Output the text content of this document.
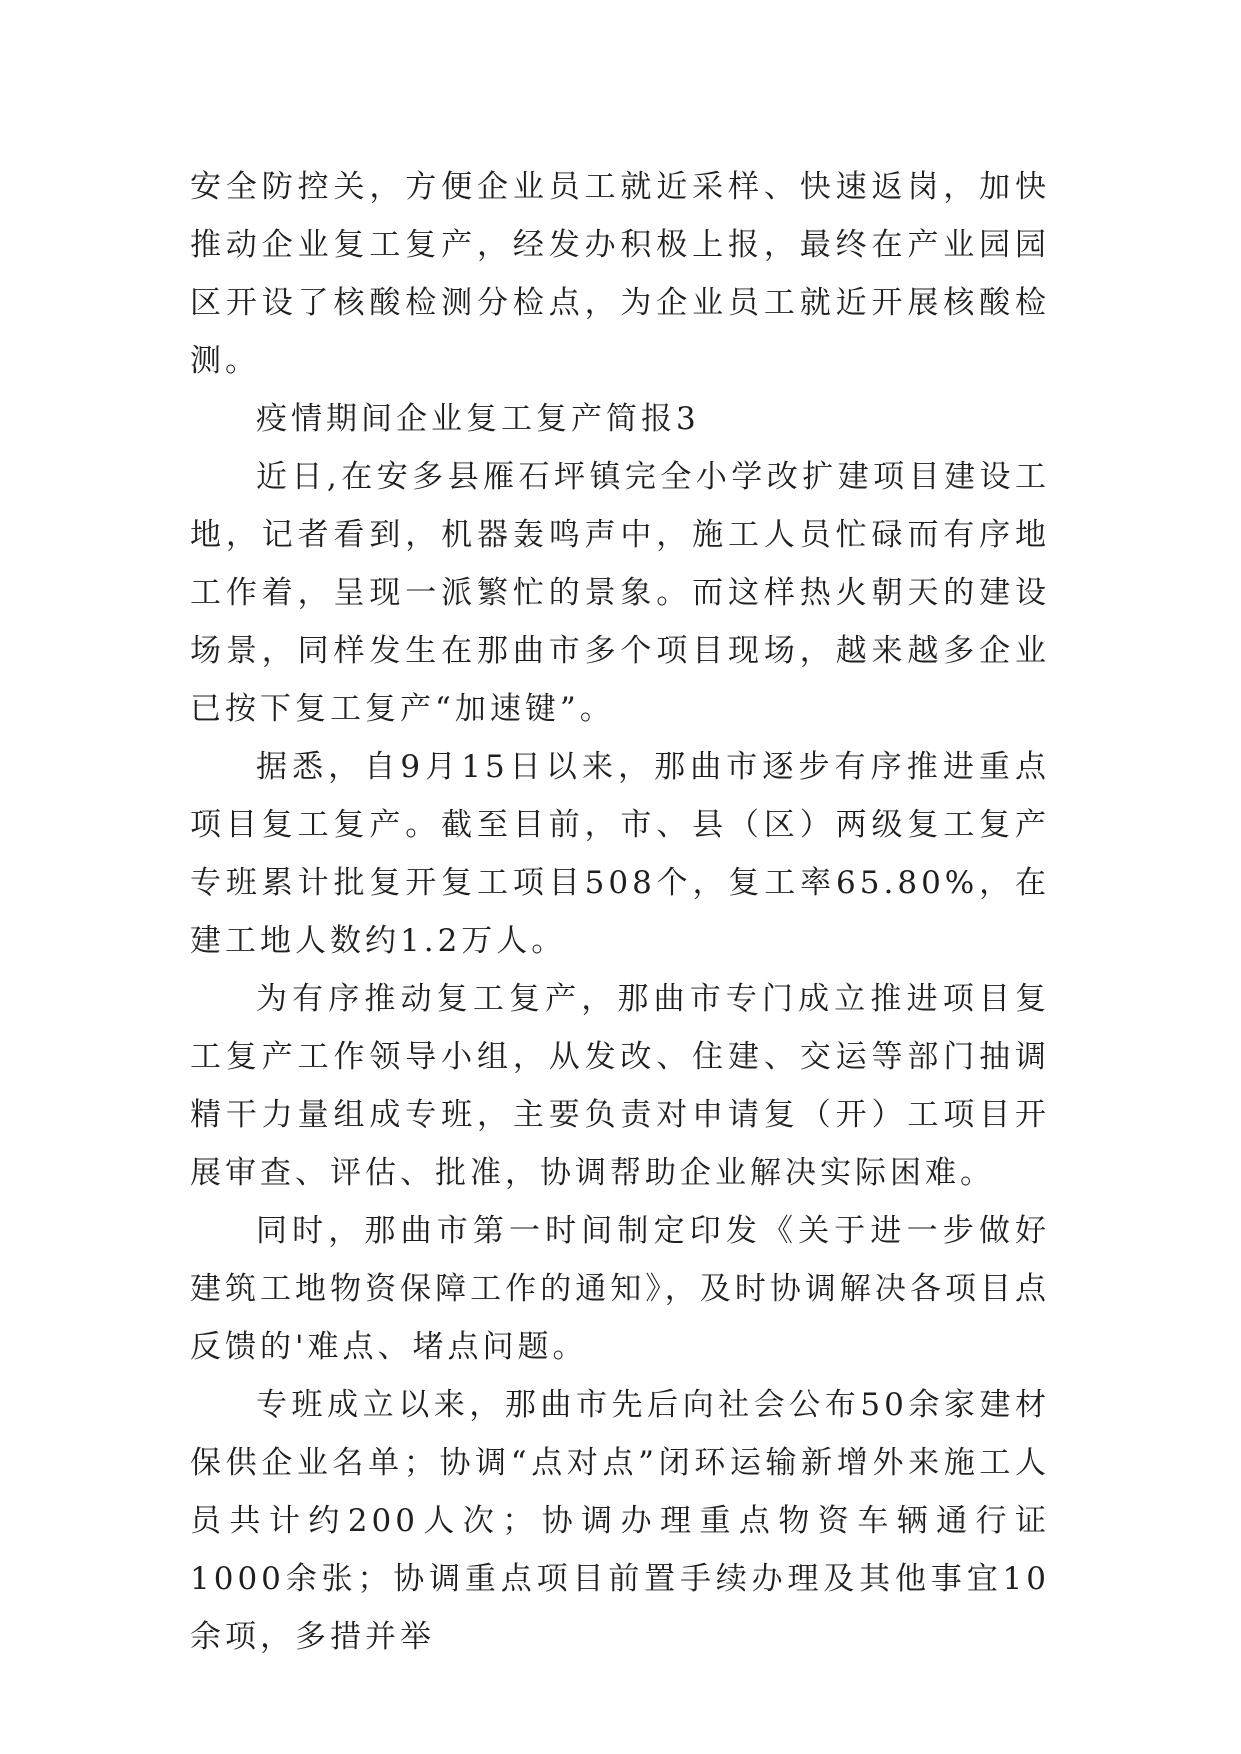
安全防控关，方便企业员工就近采样、快速返岗，加快推动企业复工复产，经发办积极上报，最终在产业园园区开设了核酸检测分检点，为企业员工就近开展核酸检测。

疫情期间企业复工复产简报3

近日,在安多县雁石坪镇完全小学改扩建项目建设工地，记者看到，机器轰鸣声中，施工人员忙碌而有序地工作着，呈现一派繁忙的景象。而这样热火朝天的建设场景，同样发生在那曲市多个项目现场，越来越多企业已按下复工复产“加速键”。

据悉，自9月15日以来，那曲市逐步有序推进重点项目复工复产。截至目前，市、县（区）两级复工复产专班累计批复开复工项目508个，复工率65.80%，在建工地人数约1.2万人。

为有序推动复工复产，那曲市专门成立推进项目复工复产工作领导小组，从发改、住建、交运等部门抽调精干力量组成专班，主要负责对申请复（开）工项目开展审查、评估、批准，协调帮助企业解决实际困难。

同时，那曲市第一时间制定印发《关于进一步做好建筑工地物资保障工作的通知》，及时协调解决各项目点反馈的'难点、堵点问题。

专班成立以来，那曲市先后向社会公布50余家建材保供企业名单；协调“点对点”闭环运输新增外来施工人员共计约200人次；协调办理重点物资车辆通行证1000余张；协调重点项目前置手续办理及其他事宜10余项，多措并举
